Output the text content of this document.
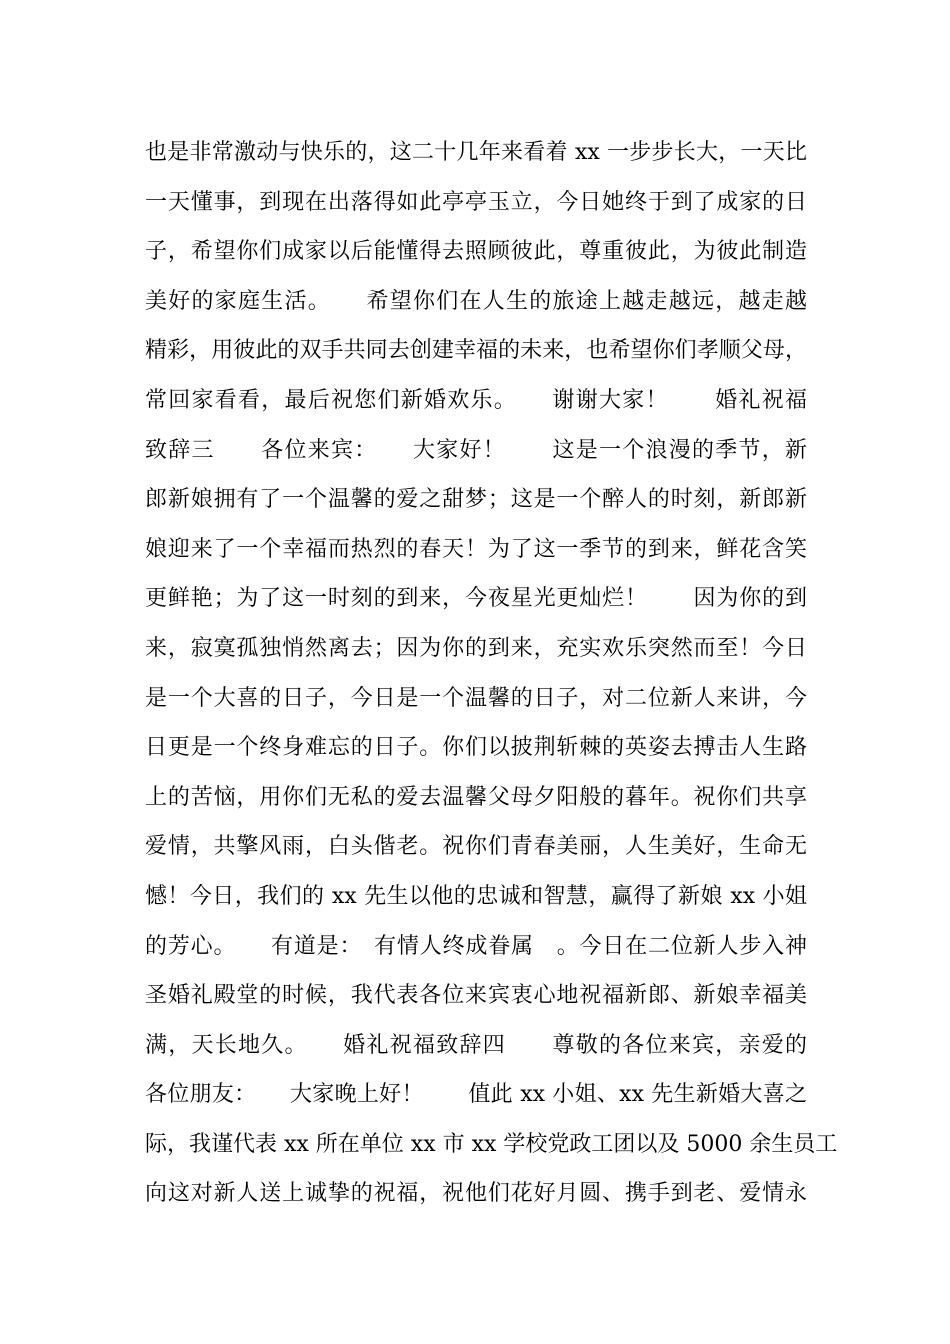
也是非常激动与快乐的，这二十几年来看着 xx 一步步长大，一天比
一天懂事，到现在出落得如此亭亭玉立，今日她终于到了成家的日
子，希望你们成家以后能懂得去照顾彼此，尊重彼此，为彼此制造
美好的家庭生活。　　希望你们在人生的旅途上越走越远，越走越
精彩，用彼此的双手共同去创建幸福的未来，也希望你们孝顺父母，
常回家看看，最后祝您们新婚欢乐。　　谢谢大家！　　婚礼祝福
致辞三　　各位来宾：　　大家好！　　这是一个浪漫的季节，新
郎新娘拥有了一个温馨的爱之甜梦；这是一个醉人的时刻，新郎新
娘迎来了一个幸福而热烈的春天！为了这一季节的到来，鲜花含笑
更鲜艳；为了这一时刻的到来，今夜星光更灿烂！　　因为你的到
来，寂寞孤独悄然离去；因为你的到来，充实欢乐突然而至！今日
是一个大喜的日子，今日是一个温馨的日子，对二位新人来讲，今
日更是一个终身难忘的日子。你们以披荆斩棘的英姿去搏击人生路
上的苦恼，用你们无私的爱去温馨父母夕阳般的暮年。祝你们共享
爱情，共擎风雨，白头偕老。祝你们青春美丽，人生美好，生命无
憾！今日，我们的 xx 先生以他的忠诚和智慧，赢得了新娘 xx 小姐
的芳心。　　有道是：　有情人终成眷属　。今日在二位新人步入神
圣婚礼殿堂的时候，我代表各位来宾衷心地祝福新郎、新娘幸福美
满，天长地久。　　婚礼祝福致辞四　　尊敬的各位来宾，亲爱的
各位朋友：　　大家晚上好！　　值此 xx 小姐、xx 先生新婚大喜之
际，我谨代表 xx 所在单位 xx 市 xx 学校党政工团以及 5000 余生员工
向这对新人送上诚挚的祝福，祝他们花好月圆、携手到老、爱情永
